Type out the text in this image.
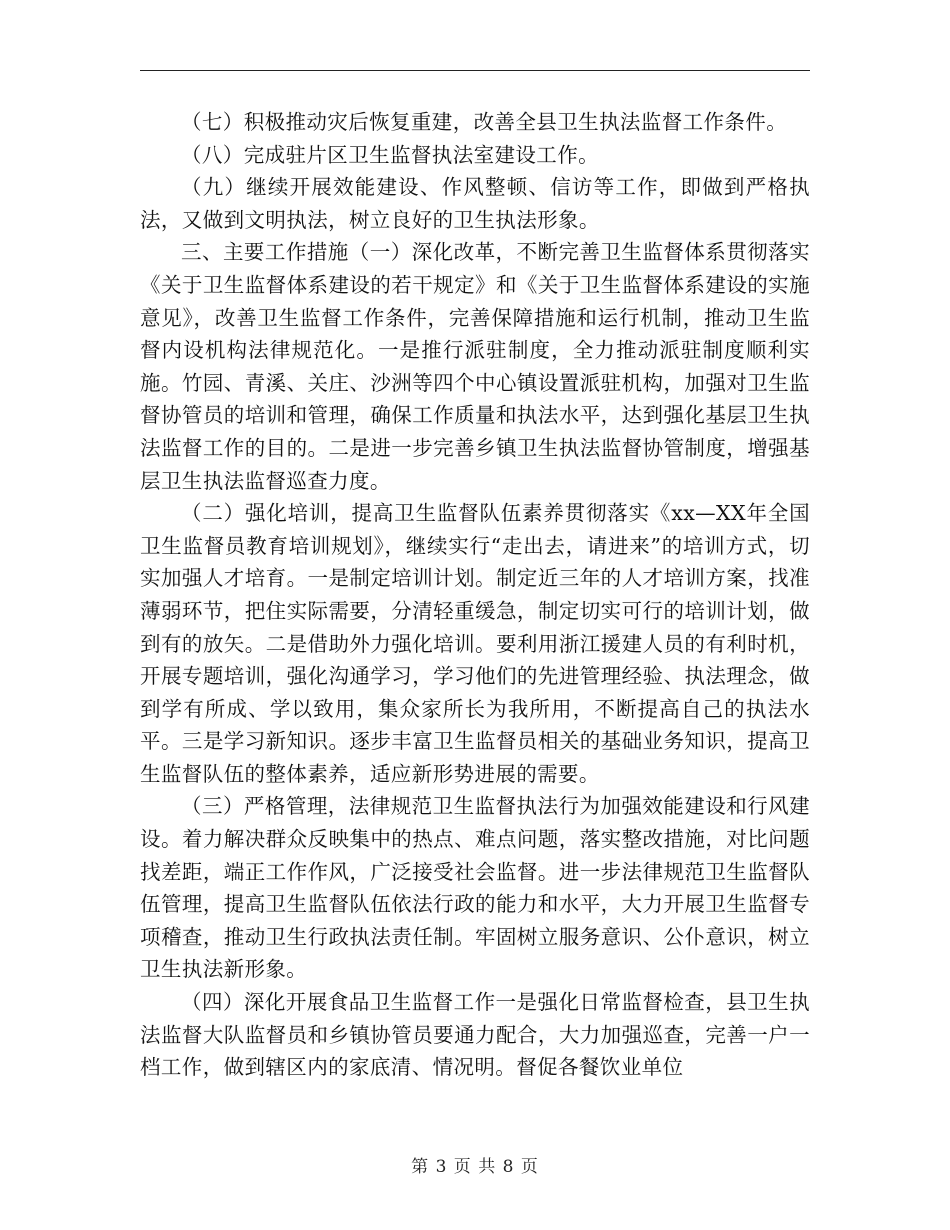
（七）积极推动灾后恢复重建，改善全县卫生执法监督工作条件。

（八）完成驻片区卫生监督执法室建设工作。

（九）继续开展效能建设、作风整顿、信访等工作，即做到严格执法，又做到文明执法，树立良好的卫生执法形象。

三、主要工作措施（一）深化改革，不断完善卫生监督体系贯彻落实《关于卫生监督体系建设的若干规定》和《关于卫生监督体系建设的实施意见》，改善卫生监督工作条件，完善保障措施和运行机制，推动卫生监督内设机构法律规范化。一是推行派驻制度，全力推动派驻制度顺利实施。竹园、青溪、关庄、沙洲等四个中心镇设置派驻机构，加强对卫生监督协管员的培训和管理，确保工作质量和执法水平，达到强化基层卫生执法监督工作的目的。二是进一步完善乡镇卫生执法监督协管制度，增强基层卫生执法监督巡查力度。

（二）强化培训，提高卫生监督队伍素养贯彻落实《xx—XX年全国卫生监督员教育培训规划》，继续实行“走出去，请进来”的培训方式，切实加强人才培育。一是制定培训计划。制定近三年的人才培训方案，找准薄弱环节，把住实际需要，分清轻重缓急，制定切实可行的培训计划，做到有的放矢。二是借助外力强化培训。要利用浙江援建人员的有利时机，开展专题培训，强化沟通学习，学习他们的先进管理经验、执法理念，做到学有所成、学以致用，集众家所长为我所用，不断提高自己的执法水平。三是学习新知识。逐步丰富卫生监督员相关的基础业务知识，提高卫生监督队伍的整体素养，适应新形势进展的需要。

（三）严格管理，法律规范卫生监督执法行为加强效能建设和行风建设。着力解决群众反映集中的热点、难点问题，落实整改措施，对比问题找差距，端正工作作风，广泛接受社会监督。进一步法律规范卫生监督队伍管理，提高卫生监督队伍依法行政的能力和水平，大力开展卫生监督专项稽查，推动卫生行政执法责任制。牢固树立服务意识、公仆意识，树立卫生执法新形象。

（四）深化开展食品卫生监督工作一是强化日常监督检查，县卫生执法监督大队监督员和乡镇协管员要通力配合，大力加强巡查，完善一户一档工作，做到辖区内的家底清、情况明。督促各餐饮业单位

第 3 页 共 8 页
